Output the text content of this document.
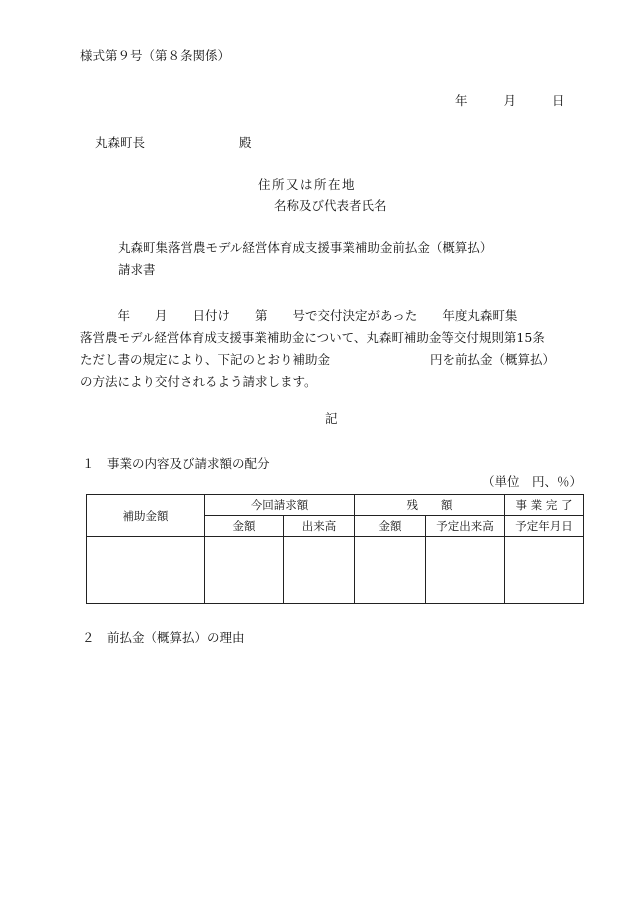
様式第９号（第８条関係）
年	月	日
丸森町長	殿
住所又は所在地
名称及び代表者氏名
丸森町集落営農モデル経営体育成支援事業補助金前払金（概算払）
請求書
　　　年　　月　　日付け　　第　　号で交付決定があった　　年度丸森町集
落営農モデル経営体育成支援事業補助金について、丸森町補助金等交付規則第15条
ただし書の規定により、下記のとおり補助金　　　　　　　　円を前払金（概算払）
の方法により交付されるよう請求します。
記
１　事業の内容及び請求額の配分
（単位　円、％）
補助金額	今回請求額		残　　額		事 業 完 了
	金額	出来高	金額	予定出来高	予定年月日

２　前払金（概算払）の理由
